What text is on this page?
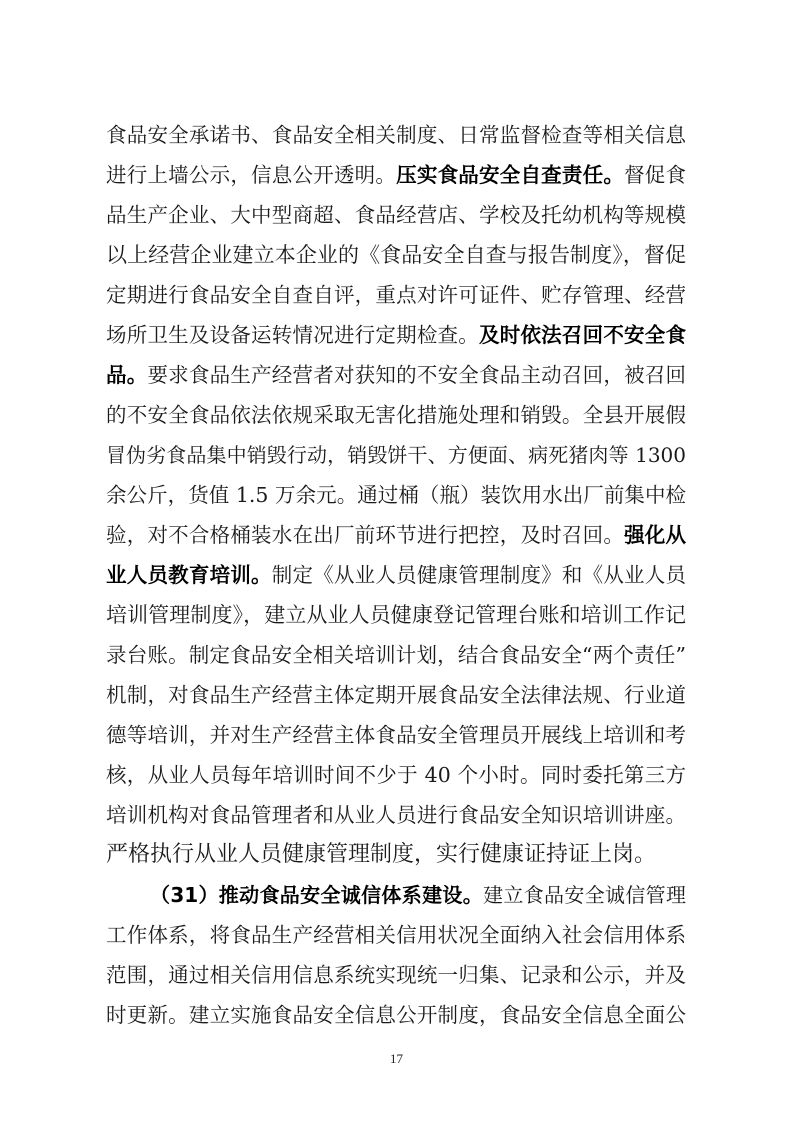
食品安全承诺书、食品安全相关制度、日常监督检查等相关信息
进行上墙公示，信息公开透明。压实食品安全自查责任。督促食
品生产企业、大中型商超、食品经营店、学校及托幼机构等规模
以上经营企业建立本企业的《食品安全自查与报告制度》，督促
定期进行食品安全自查自评，重点对许可证件、贮存管理、经营
场所卫生及设备运转情况进行定期检查。及时依法召回不安全食
品。要求食品生产经营者对获知的不安全食品主动召回，被召回
的不安全食品依法依规采取无害化措施处理和销毁。全县开展假
冒伪劣食品集中销毁行动，销毁饼干、方便面、病死猪肉等 1300
余公斤，货值 1.5 万余元。通过桶（瓶）装饮用水出厂前集中检
验，对不合格桶装水在出厂前环节进行把控，及时召回。强化从
业人员教育培训。制定《从业人员健康管理制度》和《从业人员
培训管理制度》，建立从业人员健康登记管理台账和培训工作记
录台账。制定食品安全相关培训计划，结合食品安全“两个责任”
机制，对食品生产经营主体定期开展食品安全法律法规、行业道
德等培训，并对生产经营主体食品安全管理员开展线上培训和考
核，从业人员每年培训时间不少于 40 个小时。同时委托第三方
培训机构对食品管理者和从业人员进行食品安全知识培训讲座。
严格执行从业人员健康管理制度，实行健康证持证上岗。
（31）推动食品安全诚信体系建设。建立食品安全诚信管理
工作体系，将食品生产经营相关信用状况全面纳入社会信用体系
范围，通过相关信用信息系统实现统一归集、记录和公示，并及
时更新。建立实施食品安全信息公开制度，食品安全信息全面公
17
